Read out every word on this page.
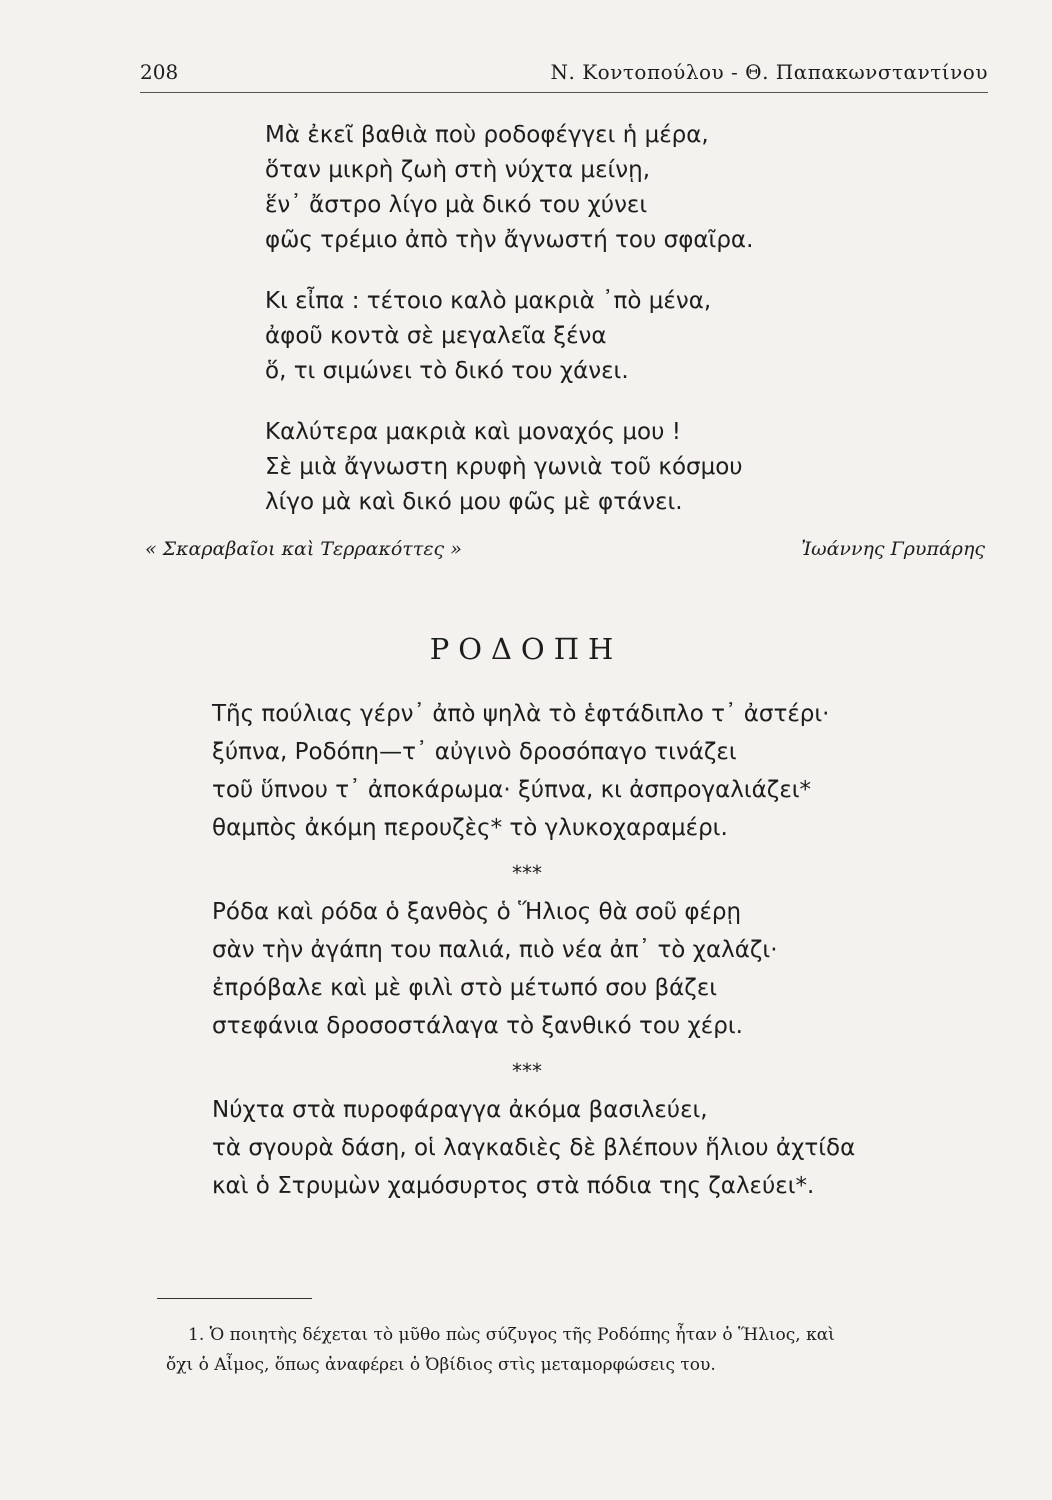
208	Ν. Κοντοπούλου - Θ. Παπακωνσταντίνου
Μὰ ἐκεῖ βαθιὰ ποὺ ροδοφέγγει ἡ μέρα,
ὅταν μικρὴ ζωὴ στὴ νύχτα μείνῃ,
ἕν᾿ ἄστρο λίγο μὰ δικό του χύνει
φῶς τρέμιο ἀπὸ τὴν ἄγνωστή του σφαῖρα.
Κι εἶπα : τέτοιο καλὸ μακριὰ ᾿πὸ μένα,
ἀφοῦ κοντὰ σὲ μεγαλεῖα ξένα
ὅ, τι σιμώνει τὸ δικό του χάνει.
Καλύτερα μακριὰ καὶ μοναχός μου !
Σὲ μιὰ ἄγνωστη κρυφὴ γωνιὰ τοῦ κόσμου
λίγο μὰ καὶ δικό μου φῶς μὲ φτάνει.
« Σκαραβαῖοι καὶ Τερρακόττες »	Ἰωάννης Γρυπάρης
ΡΟΔΟΠΗ
Τῆς πούλιας γέρν᾿ ἀπὸ ψηλὰ τὸ ἑφτάδιπλο τ᾿ ἀστέρι·
ξύπνα, Ροδόπη—τ᾿ αὐγινὸ δροσόπαγο τινάζει
τοῦ ὕπνου τ᾿ ἀποκάρωμα· ξύπνα, κι ἀσπρογαλιάζει*
θαμπὸς ἀκόμη περουζὲς* τὸ γλυκοχαραμέρι.
***
Ρόδα καὶ ρόδα ὁ ξανθὸς ὁ Ἥλιος θὰ σοῦ φέρῃ
σὰν τὴν ἀγάπη του παλιά, πιὸ νέα ἀπ᾿ τὸ χαλάζι·
ἐπρόβαλε καὶ μὲ φιλὶ στὸ μέτωπό σου βάζει
στεφάνια δροσοστάλαγα τὸ ξανθικό του χέρι.
***
Νύχτα στὰ πυροφάραγγα ἀκόμα βασιλεύει,
τὰ σγουρὰ δάση, οἱ λαγκαδιὲς δὲ βλέπουν ἥλιου ἀχτίδα
καὶ ὁ Στρυμὼν χαμόσυρτος στὰ πόδια της ζαλεύει*.
1. Ὁ ποιητὴς δέχεται τὸ μῦθο πὼς σύζυγος τῆς Ροδόπης ἦταν ὁ Ἥλιος, καὶ
ὄχι ὁ Αἶμος, ὅπως ἀναφέρει ὁ Ὀβίδιος στὶς μεταμορφώσεις του.
